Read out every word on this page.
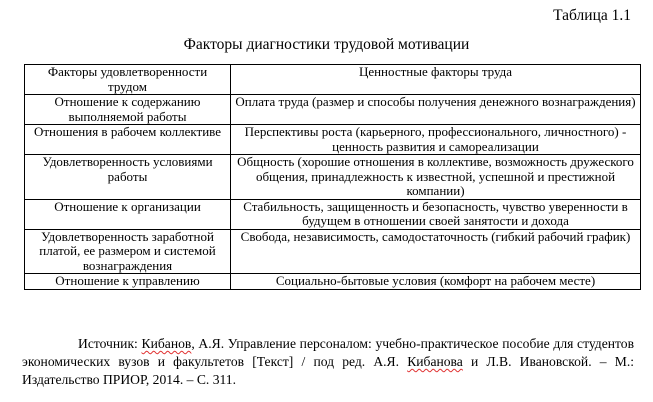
Таблица 1.1
Факторы диагностики трудовой мотивации
Факторы удовлетворенности трудом	Ценностные факторы труда
Отношение к содержанию выполняемой работы	Оплата труда (размер и способы получения денежного вознаграждения)
Отношения в рабочем коллективе	Перспективы роста (карьерного, профессионального, личностного) - ценность развития и самореализации
Удовлетворенность условиями работы	Общность (хорошие отношения в коллективе, возможность дружеского общения, принадлежность к известной, успешной и престижной компании)
Отношение к организации	Стабильность, защищенность и безопасность, чувство уверенности в будущем в отношении своей занятости и дохода
Удовлетворенность заработной платой, ее размером и системой вознаграждения	Свобода, независимость, самодостаточность (гибкий рабочий график)
Отношение к управлению	Социально-бытовые условия (комфорт на рабочем месте)
Источник: Кибанов, А.Я. Управление персоналом: учебно-практическое пособие для студентов экономических вузов и факультетов [Текст] / под ред. А.Я. Кибанова и Л.В. Ивановской. – М.: Издательство ПРИОР, 2014. – С. 311.
